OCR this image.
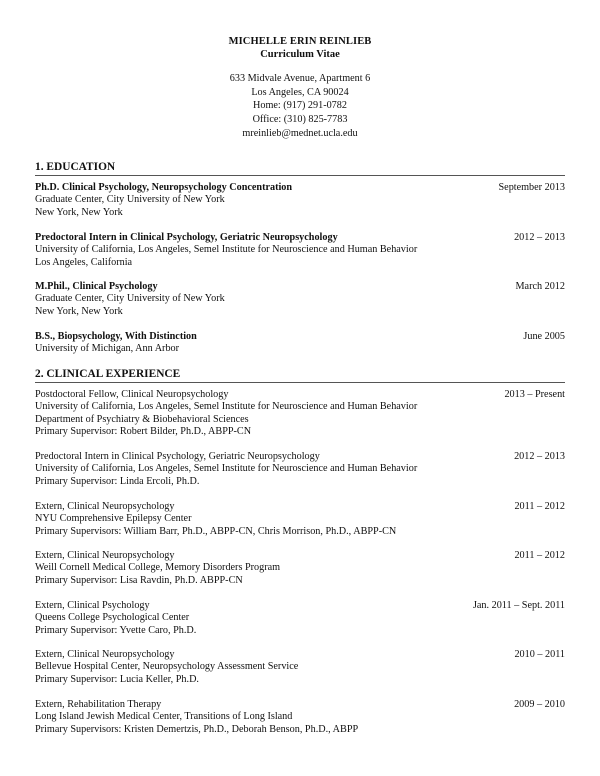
MICHELLE ERIN REINLIEB
Curriculum Vitae
633 Midvale Avenue, Apartment 6
Los Angeles, CA 90024
Home: (917) 291-0782
Office: (310) 825-7783
mreinlieb@mednet.ucla.edu
1. EDUCATION
Ph.D. Clinical Psychology, Neuropsychology Concentration	September 2013
Graduate Center, City University of New York
New York, New York
Predoctoral Intern in Clinical Psychology, Geriatric Neuropsychology	2012 – 2013
University of California, Los Angeles, Semel Institute for Neuroscience and Human Behavior
Los Angeles, California
M.Phil., Clinical Psychology	March 2012
Graduate Center, City University of New York
New York, New York
B.S., Biopsychology, With Distinction	June 2005
University of Michigan, Ann Arbor
2. CLINICAL EXPERIENCE
Postdoctoral Fellow, Clinical Neuropsychology	2013 – Present
University of California, Los Angeles, Semel Institute for Neuroscience and Human Behavior
Department of Psychiatry & Biobehavioral Sciences
Primary Supervisor: Robert Bilder, Ph.D., ABPP-CN
Predoctoral Intern in Clinical Psychology, Geriatric Neuropsychology	2012 – 2013
University of California, Los Angeles, Semel Institute for Neuroscience and Human Behavior
Primary Supervisor: Linda Ercoli, Ph.D.
Extern, Clinical Neuropsychology	2011 – 2012
NYU Comprehensive Epilepsy Center
Primary Supervisors: William Barr, Ph.D., ABPP-CN, Chris Morrison, Ph.D., ABPP-CN
Extern, Clinical Neuropsychology	2011 – 2012
Weill Cornell Medical College, Memory Disorders Program
Primary Supervisor: Lisa Ravdin, Ph.D. ABPP-CN
Extern, Clinical Psychology	Jan. 2011 – Sept. 2011
Queens College Psychological Center
Primary Supervisor: Yvette Caro, Ph.D.
Extern, Clinical Neuropsychology	2010 – 2011
Bellevue Hospital Center, Neuropsychology Assessment Service
Primary Supervisor: Lucia Keller, Ph.D.
Extern, Rehabilitation Therapy	2009 – 2010
Long Island Jewish Medical Center, Transitions of Long Island
Primary Supervisors: Kristen Demertzis, Ph.D., Deborah Benson, Ph.D., ABPP
